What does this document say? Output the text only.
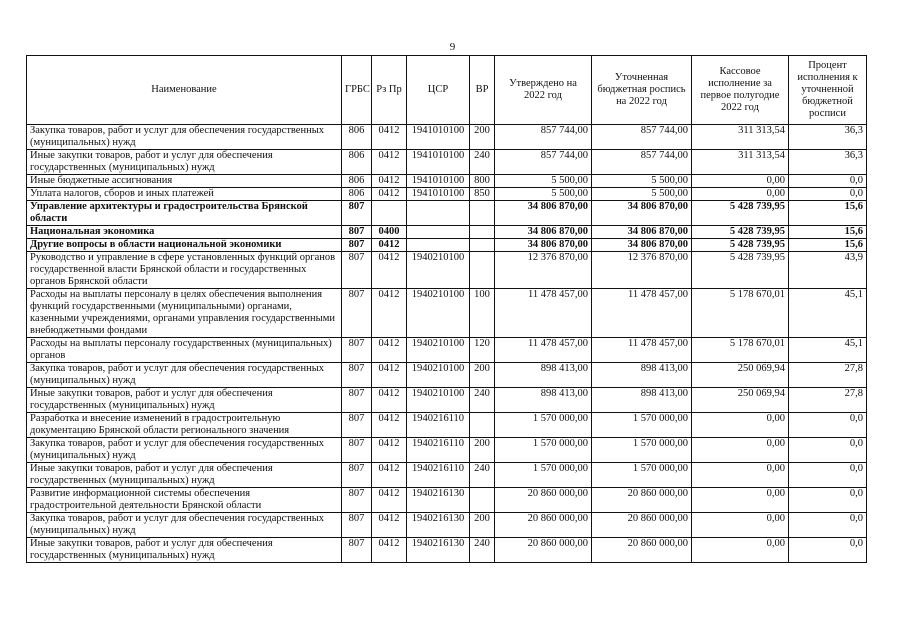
9
Наименование	ГРБС	Рз Пр	ЦСР	ВР	Утверждено на 2022 год	Уточненная бюджетная роспись на 2022 год	Кассовое исполнение за первое полугодие 2022 год	Процент исполнения к уточненной бюджетной росписи
Закупка товаров, работ и услуг для обеспечения государственных (муниципальных) нужд	806	0412	1941010100	200	857 744,00	857 744,00	311 313,54	36,3
Иные закупки товаров, работ и услуг для обеспечения государственных (муниципальных) нужд	806	0412	1941010100	240	857 744,00	857 744,00	311 313,54	36,3
Иные бюджетные ассигнования	806	0412	1941010100	800	5 500,00	5 500,00	0,00	0,0
Уплата налогов, сборов и иных платежей	806	0412	1941010100	850	5 500,00	5 500,00	0,00	0,0
Управление архитектуры и градостроительства Брянской области	807				34 806 870,00	34 806 870,00	5 428 739,95	15,6
Национальная экономика	807	0400			34 806 870,00	34 806 870,00	5 428 739,95	15,6
Другие вопросы в области национальной экономики	807	0412			34 806 870,00	34 806 870,00	5 428 739,95	15,6
Руководство и управление в сфере установленных функций органов государственной власти Брянской области и государственных органов Брянской области	807	0412	1940210100		12 376 870,00	12 376 870,00	5 428 739,95	43,9
Расходы на выплаты персоналу в целях обеспечения выполнения функций государственными (муниципальными) органами, казенными учреждениями, органами управления государственными внебюджетными фондами	807	0412	1940210100	100	11 478 457,00	11 478 457,00	5 178 670,01	45,1
Расходы на выплаты персоналу государственных (муниципальных) органов	807	0412	1940210100	120	11 478 457,00	11 478 457,00	5 178 670,01	45,1
Закупка товаров, работ и услуг для обеспечения государственных (муниципальных) нужд	807	0412	1940210100	200	898 413,00	898 413,00	250 069,94	27,8
Иные закупки товаров, работ и услуг для обеспечения государственных (муниципальных) нужд	807	0412	1940210100	240	898 413,00	898 413,00	250 069,94	27,8
Разработка и внесение изменений в градостроительную документацию Брянской области регионального значения	807	0412	1940216110		1 570 000,00	1 570 000,00	0,00	0,0
Закупка товаров, работ и услуг для обеспечения государственных (муниципальных) нужд	807	0412	1940216110	200	1 570 000,00	1 570 000,00	0,00	0,0
Иные закупки товаров, работ и услуг для обеспечения государственных (муниципальных) нужд	807	0412	1940216110	240	1 570 000,00	1 570 000,00	0,00	0,0
Развитие информационной системы обеспечения градостроительной деятельности Брянской области	807	0412	1940216130		20 860 000,00	20 860 000,00	0,00	0,0
Закупка товаров, работ и услуг для обеспечения государственных (муниципальных) нужд	807	0412	1940216130	200	20 860 000,00	20 860 000,00	0,00	0,0
Иные закупки товаров, работ и услуг для обеспечения государственных (муниципальных) нужд	807	0412	1940216130	240	20 860 000,00	20 860 000,00	0,00	0,0
